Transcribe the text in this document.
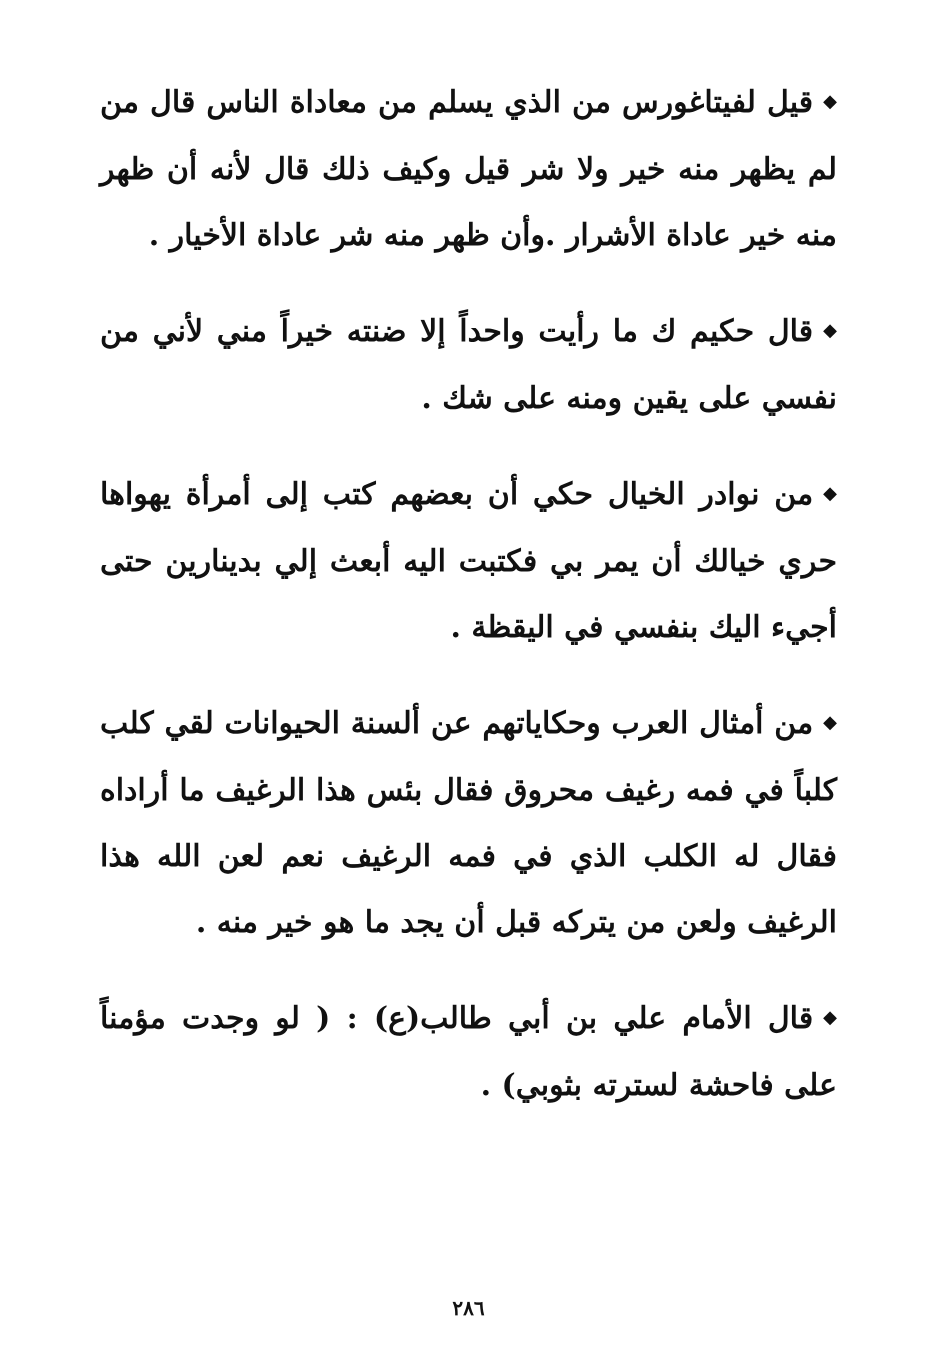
◆قيل لفيتاغورس من الذي يسلم من معاداة الناس قال من لم يظهر منه خير ولا شر قيل وكيف ذلك قال لأنه أن ظهر منه خير عاداة الأشرار .وأن ظهر منه شر عاداة الأخيار .

◆قال حكيم ك ما رأيت واحداً إلا ضنته خيراً مني لأني من نفسي على يقين ومنه على شك .

◆من نوادر الخيال حكي أن بعضهم كتب إلى أمرأة يهواها حري خيالك أن يمر بي فكتبت اليه أبعث إلي بدينارين حتى أجيء اليك بنفسي في اليقظة .

◆من أمثال العرب وحكاياتهم عن ألسنة الحيوانات لقي كلب كلباً في فمه رغيف محروق فقال بئس هذا الرغيف ما أراداه فقال له الكلب الذي في فمه الرغيف نعم لعن الله هذا الرغيف ولعن من يتركه قبل أن يجد ما هو خير منه .

◆قال الأمام علي بن أبي طالب(ع) : ( لو وجدت مؤمناً على فاحشة لسترته بثوبي) .

٢٨٦
